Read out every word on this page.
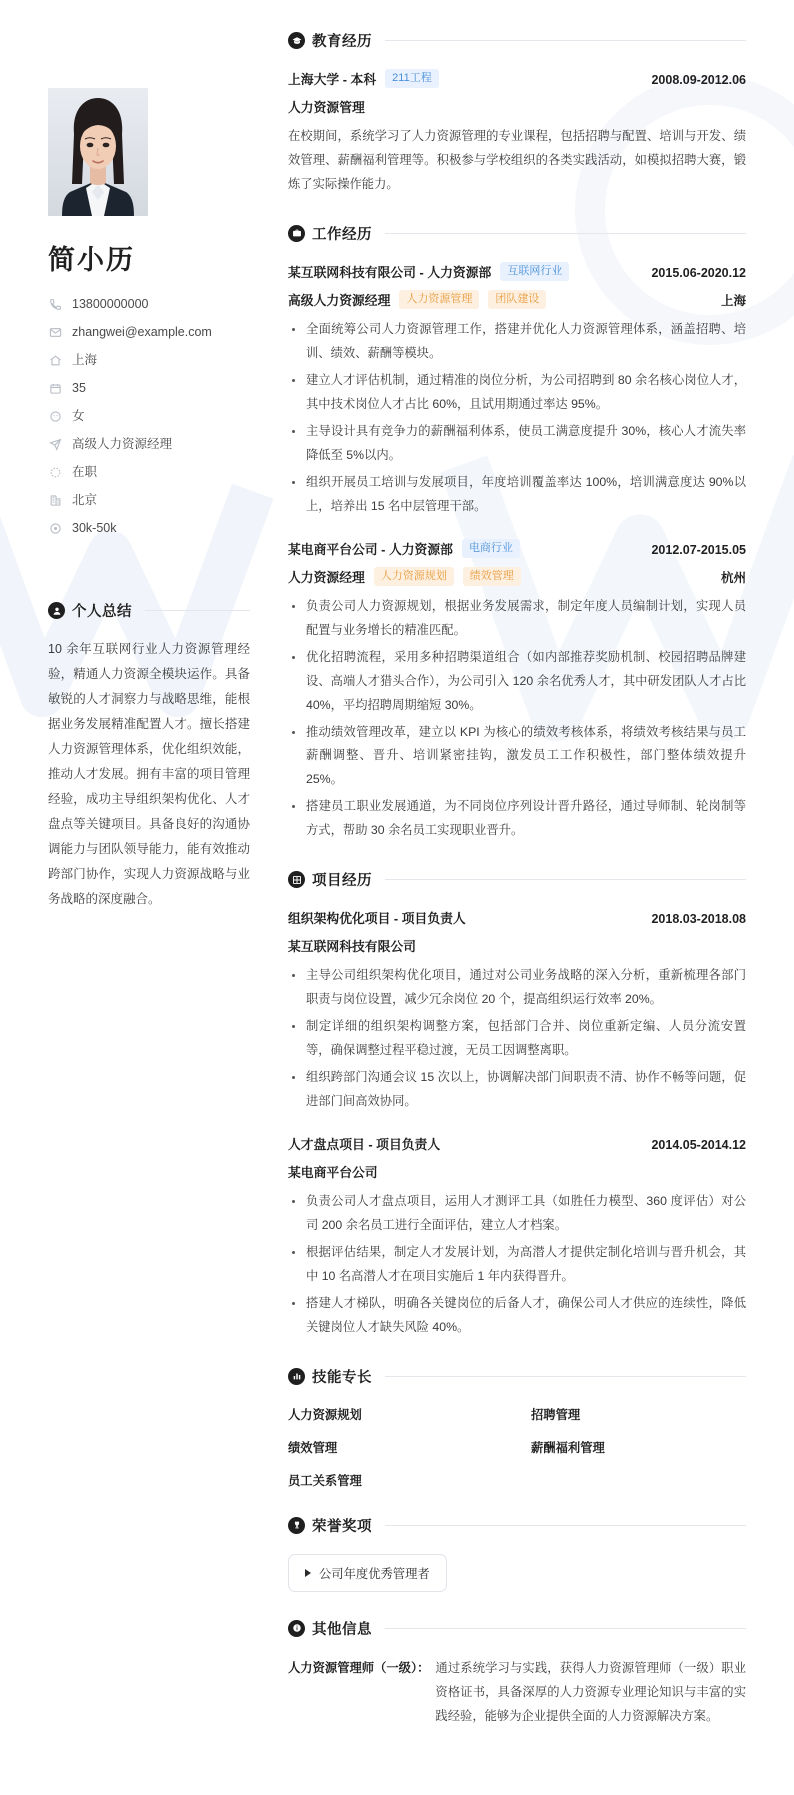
简小历
13800000000
zhangwei@example.com
上海
35
女
高级人力资源经理
在职
北京
30k-50k
个人总结

10 余年互联网行业人力资源管理经验，精通人力资源全模块运作。具备敏锐的人才洞察力与战略思维，能根据业务发展精准配置人才。擅长搭建人力资源管理体系，优化组织效能，推动人才发展。拥有丰富的项目管理经验，成功主导组织架构优化、人才盘点等关键项目。具备良好的沟通协调能力与团队领导能力，能有效推动跨部门协作，实现人力资源战略与业务战略的深度融合。

教育经历
上海大学 - 本科	211工程	2008.09-2012.06
人力资源管理

在校期间，系统学习了人力资源管理的专业课程，包括招聘与配置、培训与开发、绩效管理、薪酬福利管理等。积极参与学校组织的各类实践活动，如模拟招聘大赛，锻炼了实际操作能力。

工作经历
某互联网科技有限公司 - 人力资源部	互联网行业	2015.06-2020.12
高级人力资源经理	人力资源管理	团队建设	上海
全面统筹公司人力资源管理工作，搭建并优化人力资源管理体系，涵盖招聘、培训、绩效、薪酬等模块。
建立人才评估机制，通过精准的岗位分析，为公司招聘到 80 余名核心岗位人才，其中技术岗位人才占比 60%，且试用期通过率达 95%。
主导设计具有竞争力的薪酬福利体系，使员工满意度提升 30%，核心人才流失率降低至 5%以内。
组织开展员工培训与发展项目，年度培训覆盖率达 100%，培训满意度达 90%以上，培养出 15 名中层管理干部。
某电商平台公司 - 人力资源部	电商行业	2012.07-2015.05
人力资源经理	人力资源规划	绩效管理	杭州
负责公司人力资源规划，根据业务发展需求，制定年度人员编制计划，实现人员配置与业务增长的精准匹配。
优化招聘流程，采用多种招聘渠道组合（如内部推荐奖励机制、校园招聘品牌建设、高端人才猎头合作），为公司引入 120 余名优秀人才，其中研发团队人才占比 40%，平均招聘周期缩短 30%。
推动绩效管理改革，建立以 KPI 为核心的绩效考核体系，将绩效考核结果与员工薪酬调整、晋升、培训紧密挂钩，激发员工工作积极性，部门整体绩效提升 25%。
搭建员工职业发展通道，为不同岗位序列设计晋升路径，通过导师制、轮岗制等方式，帮助 30 余名员工实现职业晋升。
项目经历
组织架构优化项目 - 项目负责人	2018.03-2018.08
某互联网科技有限公司
主导公司组织架构优化项目，通过对公司业务战略的深入分析，重新梳理各部门职责与岗位设置，减少冗余岗位 20 个，提高组织运行效率 20%。
制定详细的组织架构调整方案，包括部门合并、岗位重新定编、人员分流安置等，确保调整过程平稳过渡，无员工因调整离职。
组织跨部门沟通会议 15 次以上，协调解决部门间职责不清、协作不畅等问题，促进部门间高效协同。
人才盘点项目 - 项目负责人	2014.05-2014.12
某电商平台公司
负责公司人才盘点项目，运用人才测评工具（如胜任力模型、360 度评估）对公司 200 余名员工进行全面评估，建立人才档案。
根据评估结果，制定人才发展计划，为高潜人才提供定制化培训与晋升机会，其中 10 名高潜人才在项目实施后 1 年内获得晋升。
搭建人才梯队，明确各关键岗位的后备人才，确保公司人才供应的连续性，降低关键岗位人才缺失风险 40%。
技能专长
人力资源规划	招聘管理
绩效管理	薪酬福利管理
员工关系管理
荣誉奖项
公司年度优秀管理者
其他信息
人力资源管理师（一级）： 通过系统学习与实践，获得人力资源管理师（一级）职业资格证书，具备深厚的人力资源专业理论知识与丰富的实践经验，能够为企业提供全面的人力资源解决方案。
